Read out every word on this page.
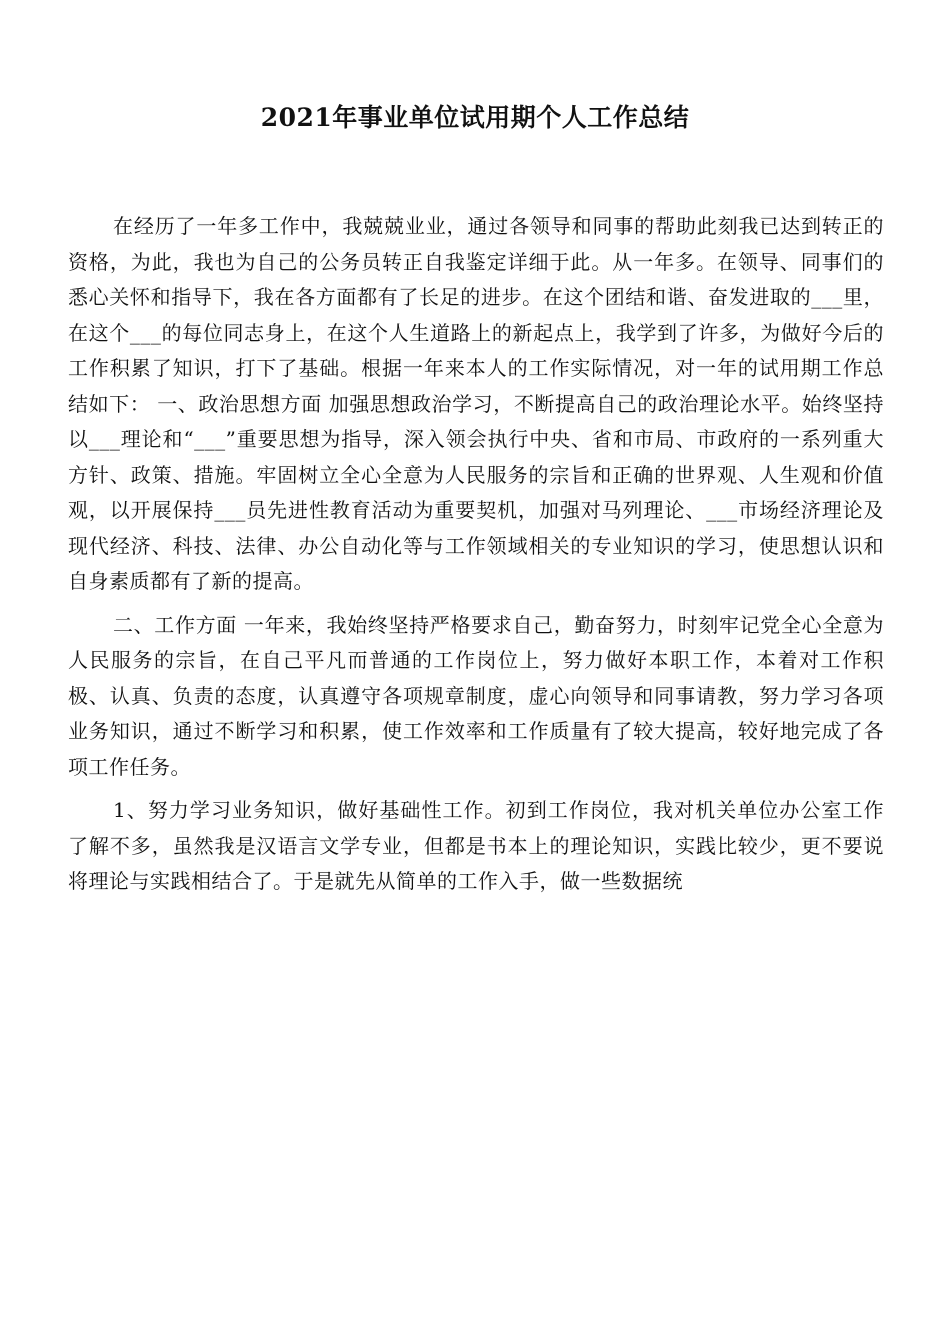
2021年事业单位试用期个人工作总结

在经历了一年多工作中，我兢兢业业，通过各领导和同事的帮助此刻我已达到转正的资格，为此，我也为自己的公务员转正自我鉴定详细于此。从一年多。在领导、同事们的悉心关怀和指导下，我在各方面都有了长足的进步。在这个团结和谐、奋发进取的___里，在这个___的每位同志身上，在这个人生道路上的新起点上，我学到了许多，为做好今后的工作积累了知识，打下了基础。根据一年来本人的工作实际情况，对一年的试用期工作总结如下： 一、政治思想方面 加强思想政治学习，不断提高自己的政治理论水平。始终坚持以___理论和“___”重要思想为指导，深入领会执行中央、省和市局、市政府的一系列重大方针、政策、措施。牢固树立全心全意为人民服务的宗旨和正确的世界观、人生观和价值观，以开展保持___员先进性教育活动为重要契机，加强对马列理论、___市场经济理论及现代经济、科技、法律、办公自动化等与工作领域相关的专业知识的学习，使思想认识和自身素质都有了新的提高。

二、工作方面 一年来，我始终坚持严格要求自己，勤奋努力，时刻牢记党全心全意为人民服务的宗旨，在自己平凡而普通的工作岗位上，努力做好本职工作，本着对工作积极、认真、负责的态度，认真遵守各项规章制度，虚心向领导和同事请教，努力学习各项业务知识，通过不断学习和积累，使工作效率和工作质量有了较大提高，较好地完成了各项工作任务。

1、努力学习业务知识，做好基础性工作。初到工作岗位，我对机关单位办公室工作了解不多，虽然我是汉语言文学专业，但都是书本上的理论知识，实践比较少，更不要说将理论与实践相结合了。于是就先从简单的工作入手，做一些数据统
